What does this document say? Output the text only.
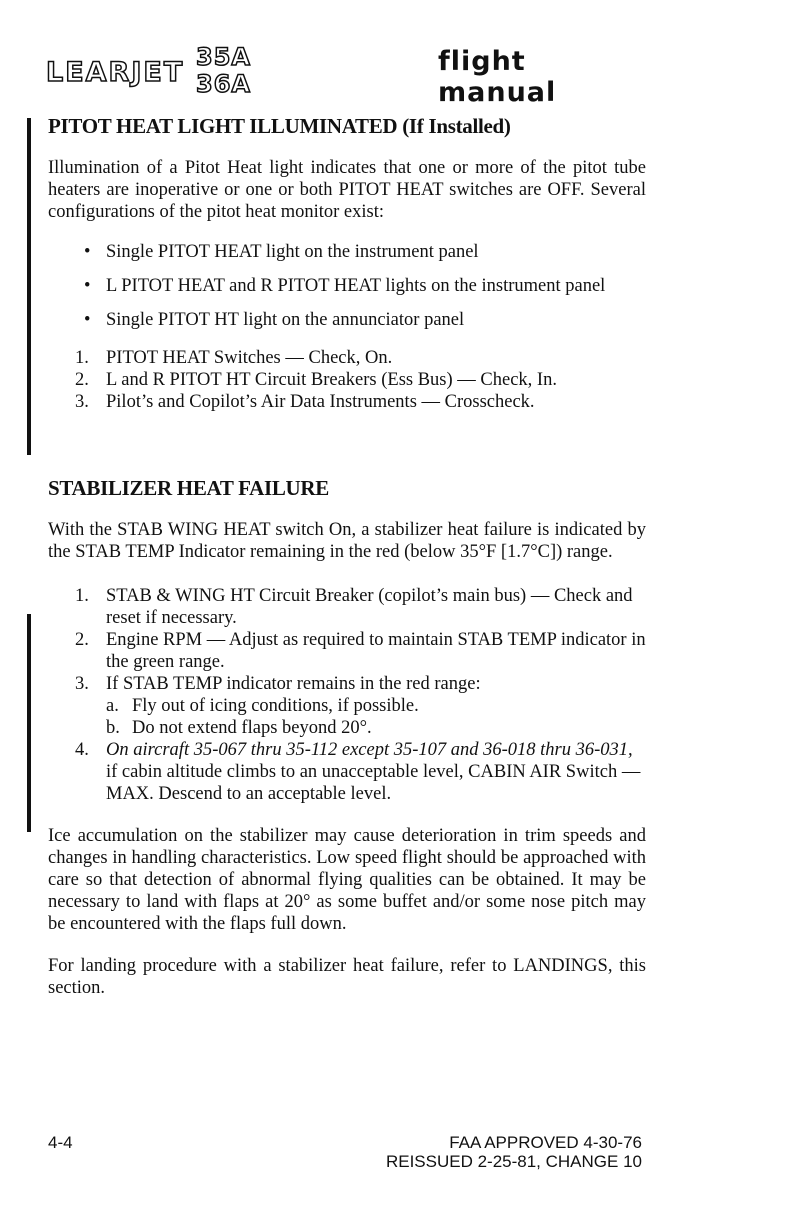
LEARJET 35A
36A
flight manual
PITOT HEAT LIGHT ILLUMINATED (If Installed)

Illumination of a Pitot Heat light indicates that one or more of the pitot tube heaters are inoperative or one or both PITOT HEAT switches are OFF. Several configurations of the pitot heat monitor exist:

• Single PITOT HEAT light on the instrument panel
• L PITOT HEAT and R PITOT HEAT lights on the instrument panel
• Single PITOT HT light on the annunciator panel
1. PITOT HEAT Switches — Check, On.
2. L and R PITOT HT Circuit Breakers (Ess Bus) — Check, In.
3. Pilot’s and Copilot’s Air Data Instruments — Crosscheck.
STABILIZER HEAT FAILURE

With the STAB WING HEAT switch On, a stabilizer heat failure is indicated by the STAB TEMP Indicator remaining in the red (below 35°F [1.7°C]) range.

1. STAB & WING HT Circuit Breaker (copilot’s main bus) — Check and reset if necessary.
2. Engine RPM — Adjust as required to maintain STAB TEMP indicator in the green range.
3. If STAB TEMP indicator remains in the red range:
a. Fly out of icing conditions, if possible.
b. Do not extend flaps beyond 20°.
4. On aircraft 35-067 thru 35-112 except 35-107 and 36-018 thru 36-031, if cabin altitude climbs to an unacceptable level, CABIN AIR Switch — MAX. Descend to an acceptable level.

Ice accumulation on the stabilizer may cause deterioration in trim speeds and changes in handling characteristics. Low speed flight should be approached with care so that detection of abnormal flying qualities can be obtained. It may be necessary to land with flaps at 20° as some buffet and/or some nose pitch may be encountered with the flaps full down.

For landing procedure with a stabilizer heat failure, refer to LANDINGS, this section.

4-4	FAA APPROVED 4-30-76
REISSUED 2-25-81, CHANGE 10
